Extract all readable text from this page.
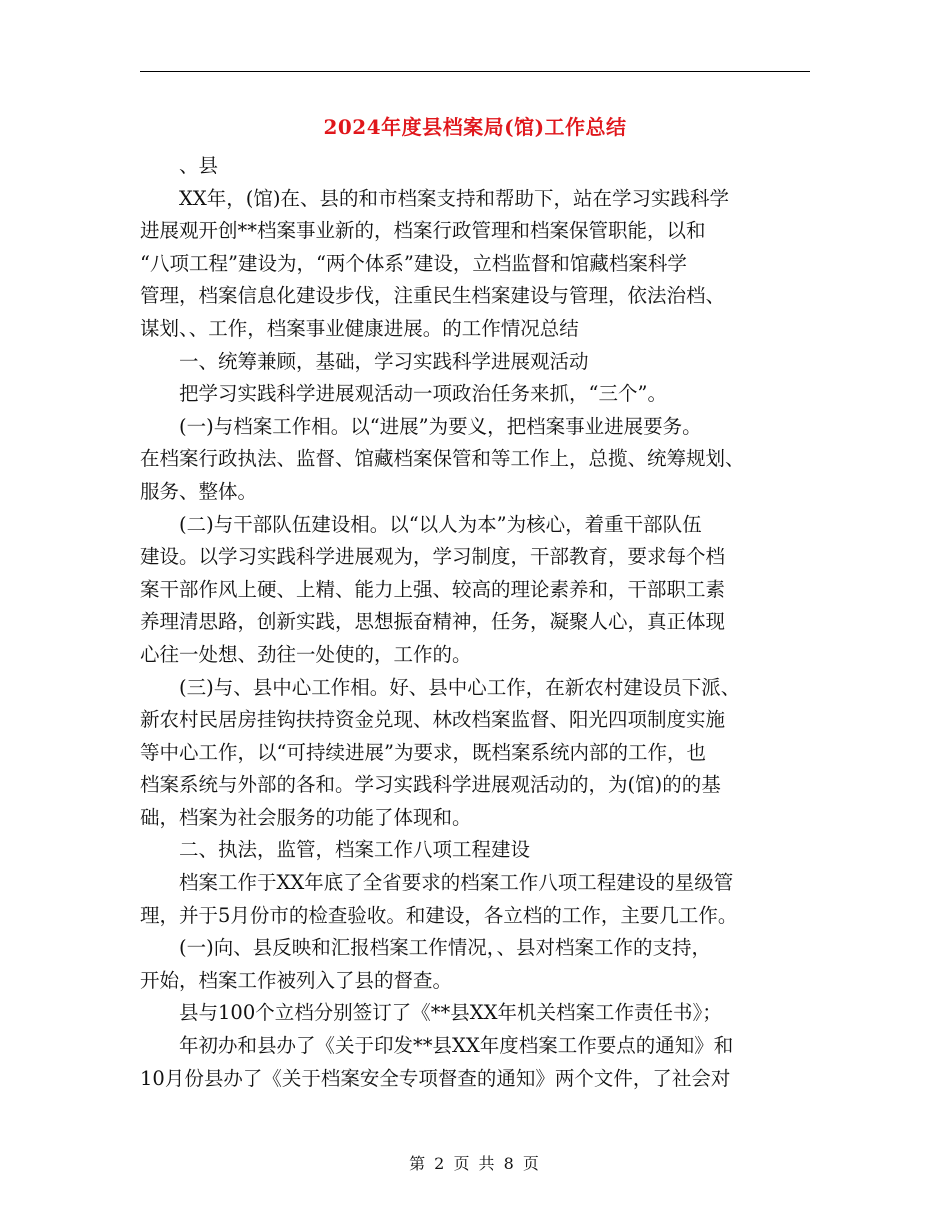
2024年度县档案局(馆)工作总结
、县
XX年，(馆)在、县的和市档案支持和帮助下，站在学习实践科学
进展观开创**档案事业新的，档案行政管理和档案保管职能，以和
“八项工程”建设为，“两个体系”建设，立档监督和馆藏档案科学
管理，档案信息化建设步伐，注重民生档案建设与管理，依法治档、
谋划、、工作，档案事业健康进展。的工作情况总结
一、统筹兼顾，基础，学习实践科学进展观活动
把学习实践科学进展观活动一项政治任务来抓，“三个”。
(一)与档案工作相。以“进展”为要义，把档案事业进展要务。
在档案行政执法、监督、馆藏档案保管和等工作上，总揽、统筹规划、
服务、整体。
(二)与干部队伍建设相。以“以人为本”为核心，着重干部队伍
建设。以学习实践科学进展观为，学习制度，干部教育，要求每个档
案干部作风上硬、上精、能力上强、较高的理论素养和，干部职工素
养理清思路，创新实践，思想振奋精神，任务，凝聚人心，真正体现
心往一处想、劲往一处使的，工作的。
(三)与、县中心工作相。好、县中心工作，在新农村建设员下派、
新农村民居房挂钩扶持资金兑现、林改档案监督、阳光四项制度实施
等中心工作，以“可持续进展”为要求，既档案系统内部的工作，也
档案系统与外部的各和。学习实践科学进展观活动的，为(馆)的的基
础，档案为社会服务的功能了体现和。
二、执法，监管，档案工作八项工程建设
档案工作于XX年底了全省要求的档案工作八项工程建设的星级管
理，并于5月份市的检查验收。和建设，各立档的工作，主要几工作。
(一)向、县反映和汇报档案工作情况，、县对档案工作的支持，
开始，档案工作被列入了县的督查。
县与100个立档分别签订了《**县XX年机关档案工作责任书》；
年初办和县办了《关于印发**县XX年度档案工作要点的通知》和
10月份县办了《关于档案安全专项督查的通知》两个文件，了社会对
第 2 页 共 8 页
